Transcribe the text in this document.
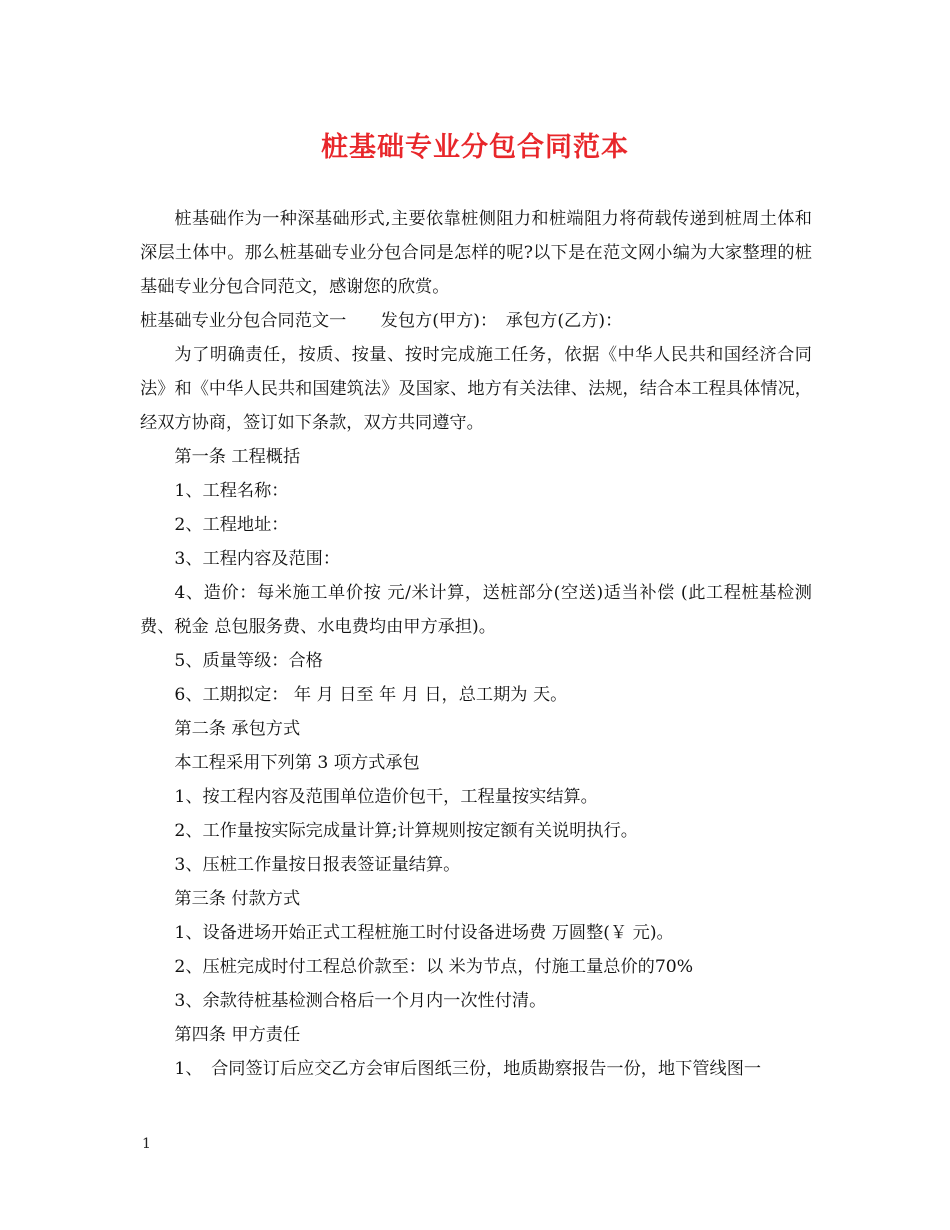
桩基础专业分包合同范本

桩基础作为一种深基础形式,主要依靠桩侧阻力和桩端阻力将荷载传递到桩周土体和深层土体中。那么桩基础专业分包合同是怎样的呢?以下是在范文网小编为大家整理的桩基础专业分包合同范文，感谢您的欣赏。

桩基础专业分包合同范文一　　发包方(甲方)：　承包方(乙方)：

为了明确责任，按质、按量、按时完成施工任务，依据《中华人民共和国经济合同法》和《中华人民共和国建筑法》及国家、地方有关法律、法规，结合本工程具体情况，经双方协商，签订如下条款，双方共同遵守。

第一条 工程概括

1、工程名称：

2、工程地址：

3、工程内容及范围：

4、造价：每米施工单价按 元/米计算，送桩部分(空送)适当补偿 (此工程桩基检测费、税金 总包服务费、水电费均由甲方承担)。

5、质量等级：合格

6、工期拟定： 年 月 日至 年 月 日，总工期为 天。

第二条 承包方式

本工程采用下列第 3 项方式承包

1、按工程内容及范围单位造价包干，工程量按实结算。

2、工作量按实际完成量计算;计算规则按定额有关说明执行。

3、压桩工作量按日报表签证量结算。

第三条 付款方式

1、设备进场开始正式工程桩施工时付设备进场费 万圆整(￥ 元)。

2、压桩完成时付工程总价款至：以 米为节点，付施工量总价的70%

3、余款待桩基检测合格后一个月内一次性付清。

第四条 甲方责任

1、　合同签订后应交乙方会审后图纸三份，地质勘察报告一份，地下管线图一

1
